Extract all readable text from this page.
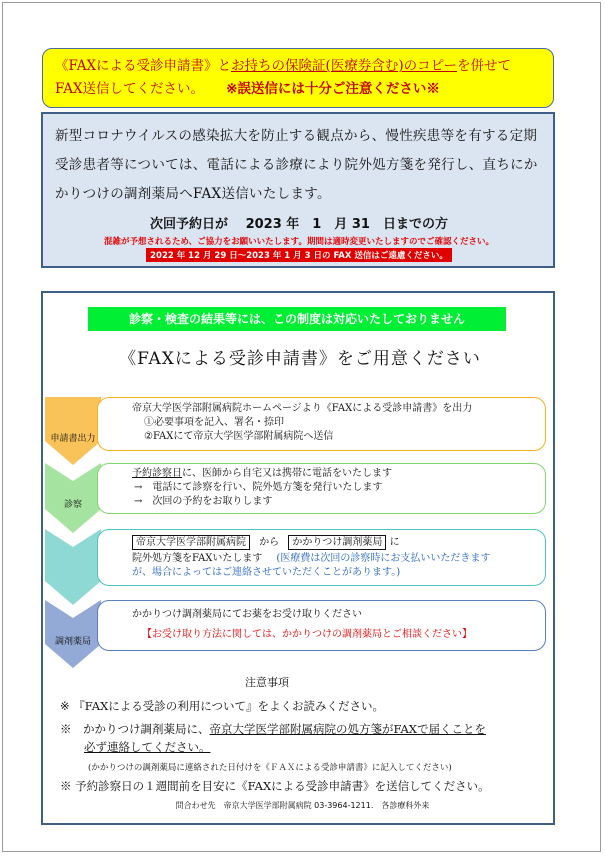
《FAXによる受診申請書》とお持ちの保険証(医療券含む)のコピーを併せて
FAX送信してください。 ※誤送信には十分ご注意ください※
新型コロナウイルスの感染拡大を防止する観点から、慢性疾患等を有する定期受診患者等については、電話による診療により院外処方箋を発行し、直ちにかかりつけの調剤薬局へFAX送信いたします。
次回予約日が　 2023 年　1　月 31　日までの方
混雑が予想されるため、ご協力をお願いいたします。期間は適時変更いたしますのでご確認ください。
2022 年 12 月 29 日～2023 年 1 月 3 日の FAX 送信はご遠慮ください。
診察・検査の結果等には、この制度は対応いたしておりません
《FAXによる受診申請書》をご用意ください
申請書出力
帝京大学医学部附属病院ホームページより《FAXによる受診申請書》を出力
①必要事項を記入、署名・捺印
②FAXにて帝京大学医学部附属病院へ送信
診察
予約診察日に、医師から自宅又は携帯に電話をいたします
→　電話にて診察を行い、院外処方箋を発行いたします
→　次回の予約をお取りします
帝京大学医学部附属病院 から かかりつけ調剤薬局 に
院外処方箋をFAXいたします (医療費は次回の診察時にお支払いいただきます
が、場合によってはご連絡させていただくことがあります。)
調剤薬局
かかりつけ調剤薬局にてお薬をお受け取りください
【お受け取り方法に関しては、かかりつけの調剤薬局とご相談ください】
注意事項
※ 『FAXによる受診の利用について』をよくお読みください。
※　かかりつけ調剤薬局に、帝京大学医学部附属病院の処方箋がFAXで届くことを
必ず連絡してください。
(かかりつけの調剤薬局に連絡された日付けを《ＦＡＸによる受診申請書》に記入してください)
※ 予約診察日の１週間前を目安に《FAXによる受診申請書》を送信してください。
問合わせ先　帝京大学医学部附属病院 03-3964-1211.　各診療科外来
